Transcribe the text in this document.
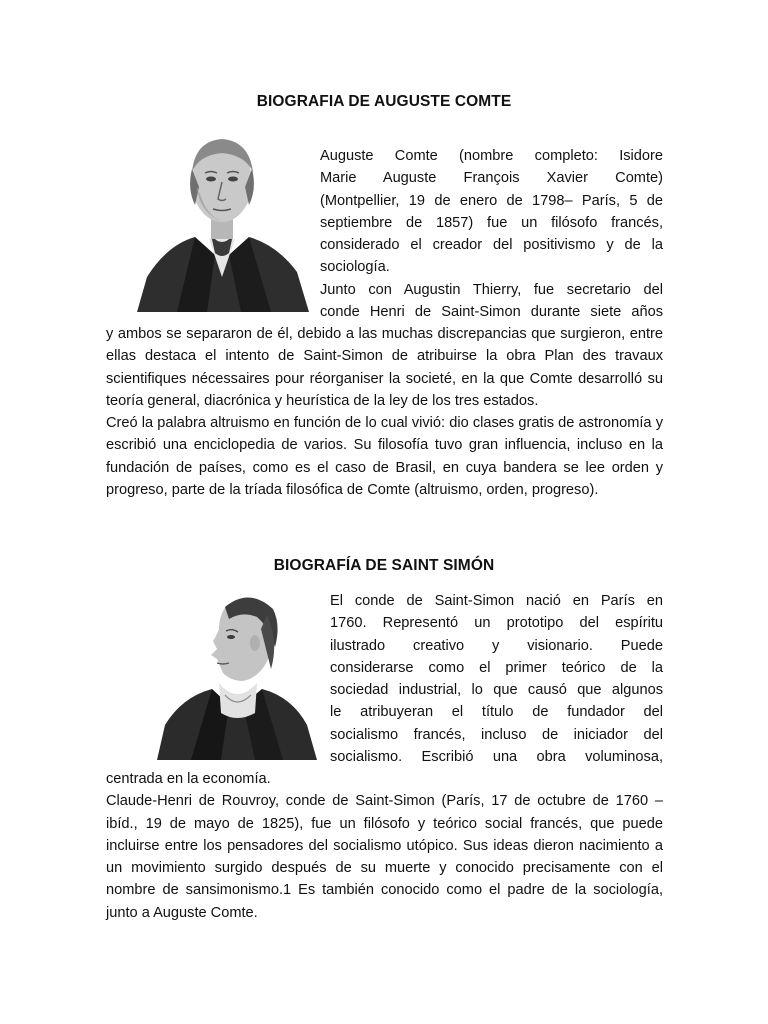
BIOGRAFIA DE AUGUSTE COMTE

Auguste Comte (nombre completo: Isidore
Marie Auguste François Xavier Comte)
(Montpellier, 19 de enero de 1798– París, 5 de
septiembre de 1857) fue un filósofo francés,
considerado el creador del positivismo y de la
sociología.
Junto con Augustin Thierry, fue secretario del
conde Henri de Saint-Simon durante siete años

y ambos se separaron de él, debido a las muchas discrepancias que surgieron, entre ellas destaca el intento de Saint-Simon de atribuirse la obra Plan des travaux scientifiques nécessaires pour réorganiser la societé, en la que Comte desarrolló su teoría general, diacrónica y heurística de la ley de los tres estados.

Creó la palabra altruismo en función de lo cual vivió: dio clases gratis de astronomía y escribió una enciclopedia de varios. Su filosofía tuvo gran influencia, incluso en la fundación de países, como es el caso de Brasil, en cuya bandera se lee orden y progreso, parte de la tríada filosófica de Comte (altruismo, orden, progreso).

BIOGRAFÍA DE SAINT SIMÓN

El conde de Saint-Simon nació en París en
1760. Representó un prototipo del espíritu
ilustrado creativo y visionario. Puede
considerarse como el primer teórico de la
sociedad industrial, lo que causó que algunos
le atribuyeran el título de fundador del
socialismo francés, incluso de iniciador del
socialismo. Escribió una obra voluminosa,

centrada en la economía.

Claude-Henri de Rouvroy, conde de Saint-Simon (París, 17 de octubre de 1760 – ibíd., 19 de mayo de 1825), fue un filósofo y teórico social francés, que puede incluirse entre los pensadores del socialismo utópico. Sus ideas dieron nacimiento a un movimiento surgido después de su muerte y conocido precisamente con el nombre de sansimonismo.1 Es también conocido como el padre de la sociología, junto a Auguste Comte.
